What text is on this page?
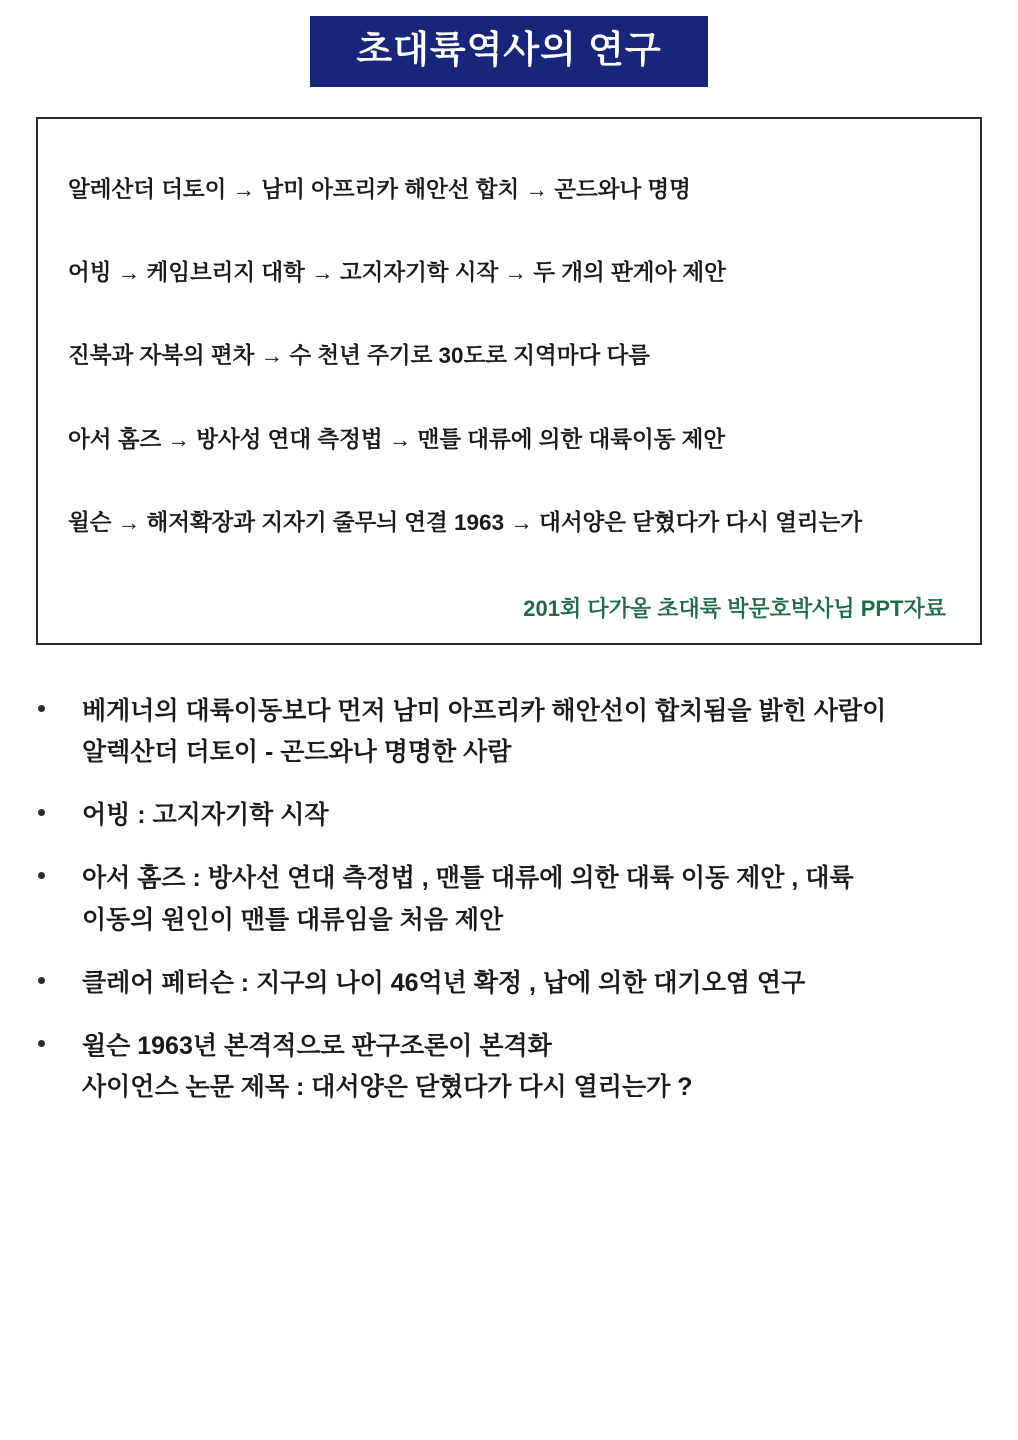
초대륙역사의 연구
알레산더 더토이 → 남미 아프리카 해안선 합치 → 곤드와나 명명
어빙 → 케임브리지 대학 → 고지자기학 시작 → 두 개의 판게아 제안
진북과 자북의 편차 → 수 천년 주기로 30도로 지역마다 다름
아서 홈즈 → 방사성 연대 측정법 → 맨틀 대류에 의한 대륙이동 제안
윌슨 → 해저확장과 지자기 줄무늬 연결 1963 → 대서양은 닫혔다가 다시 열리는가
201회 다가올 초대륙 박문호박사님 PPT자료
베게너의 대륙이동보다 먼저 남미 아프리카 해안선이 합치됨을 밝힌 사람이
알렉산더 더토이 - 곤드와나 명명한 사람
어빙 : 고지자기학 시작
아서 홈즈 : 방사선 연대 측정법 , 맨틀 대류에 의한 대륙 이동 제안 , 대륙
이동의 원인이 맨틀 대류임을 처음 제안
클레어 페터슨 : 지구의 나이 46억년 확정 , 납에 의한 대기오염 연구
윌슨 1963년 본격적으로 판구조론이 본격화
사이언스 논문 제목 : 대서양은 닫혔다가 다시 열리는가 ?
